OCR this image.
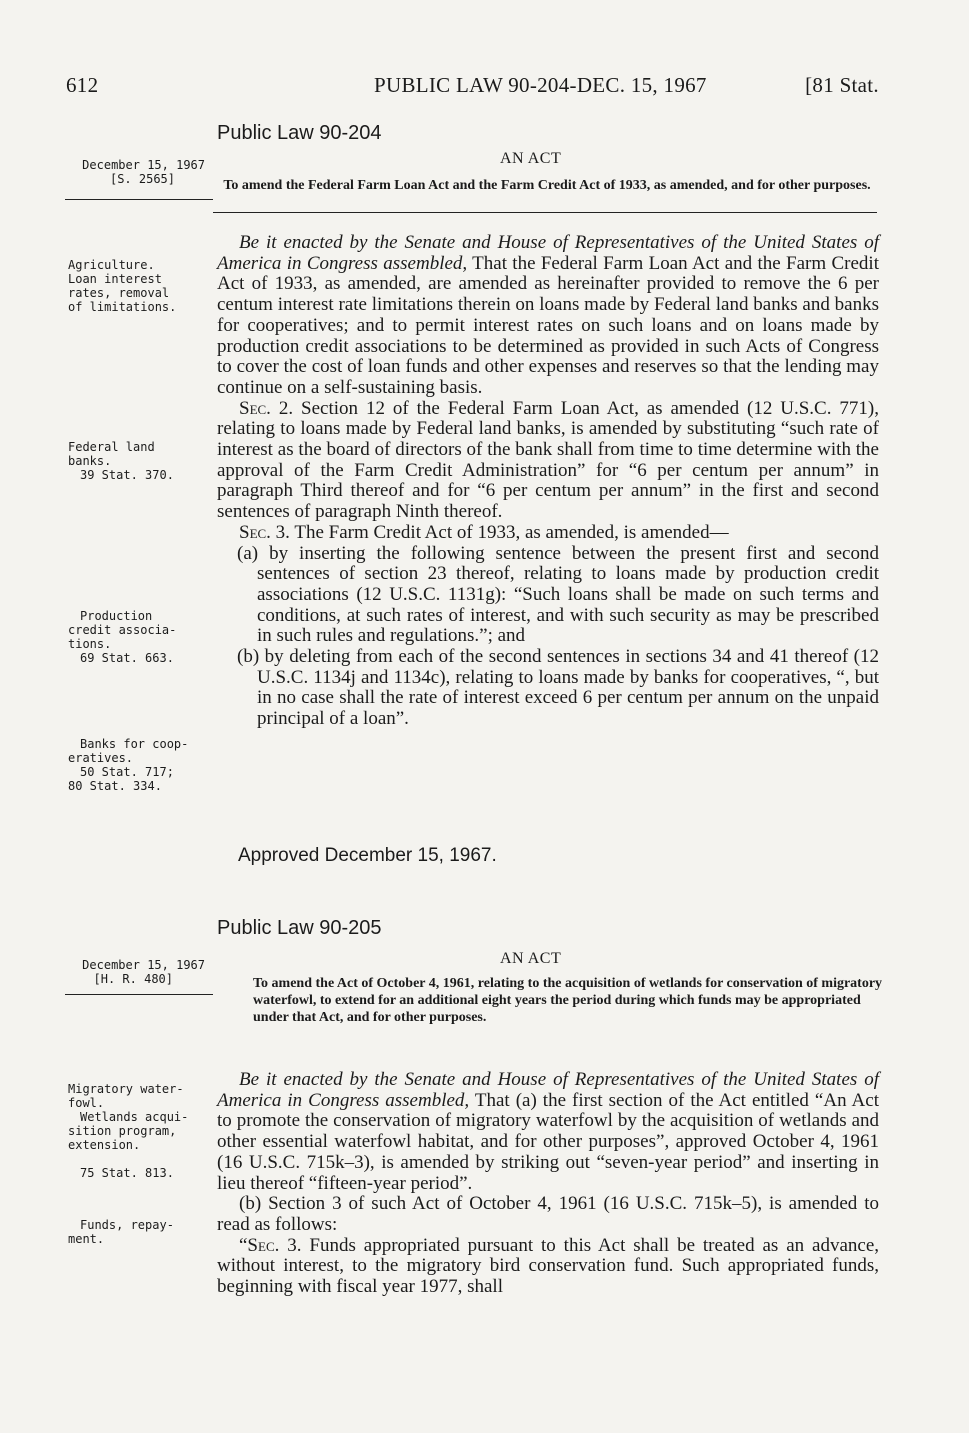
612	PUBLIC LAW 90-204-DEC. 15, 1967	[81 Stat.
Public Law 90-204
December 15, 1967
[S. 2565]
AN ACT
To amend the Federal Farm Loan Act and the Farm Credit Act of 1933, as amended, and for other purposes.
Agriculture.
Loan interest
rates, removal
of limitations.

Be it enacted by the Senate and House of Representatives of the United States of America in Congress assembled, That the Federal Farm Loan Act and the Farm Credit Act of 1933, as amended, are amended as hereinafter provided to remove the 6 per centum interest rate limitations therein on loans made by Federal land banks and banks for cooperatives; and to permit interest rates on such loans and on loans made by production credit associations to be determined as provided in such Acts of Congress to cover the cost of loan funds and other expenses and reserves so that the lending may continue on a self-sustaining basis.

Sec. 2. Section 12 of the Federal Farm Loan Act, as amended (12 U.S.C. 771), relating to loans made by Federal land banks, is amended by substituting “such rate of interest as the board of directors of the bank shall from time to time determine with the approval of the Farm Credit Administration” for “6 per centum per annum” in paragraph Third thereof and for “6 per centum per annum” in the first and second sentences of paragraph Ninth thereof.

Sec. 3. The Farm Credit Act of 1933, as amended, is amended—

(a) by inserting the following sentence between the present first and second sentences of section 23 thereof, relating to loans made by production credit associations (12 U.S.C. 1131g): “Such loans shall be made on such terms and conditions, at such rates of interest, and with such security as may be prescribed in such rules and regulations.”; and

(b) by deleting from each of the second sentences in sections 34 and 41 thereof (12 U.S.C. 1134j and 1134c), relating to loans made by banks for cooperatives, “, but in no case shall the rate of interest exceed 6 per centum per annum on the unpaid principal of a loan”.

Federal land
banks.
39 Stat. 370.
Production
credit associa-
tions.
69 Stat. 663.
Banks for coop-
eratives.
50 Stat. 717;
80 Stat. 334.
Approved December 15, 1967.
Public Law 90-205
December 15, 1967
[H. R. 480]
AN ACT
To amend the Act of October 4, 1961, relating to the acquisition of wetlands for conservation of migratory waterfowl, to extend for an additional eight years the period during which funds may be appropriated under that Act, and for other purposes.

Be it enacted by the Senate and House of Representatives of the United States of America in Congress assembled, That (a) the first section of the Act entitled “An Act to promote the conservation of migratory waterfowl by the acquisition of wetlands and other essential waterfowl habitat, and for other purposes”, approved October 4, 1961 (16 U.S.C. 715k–3), is amended by striking out “seven-year period” and inserting in lieu thereof “fifteen-year period”.

(b) Section 3 of such Act of October 4, 1961 (16 U.S.C. 715k–5), is amended to read as follows:

“Sec. 3. Funds appropriated pursuant to this Act shall be treated as an advance, without interest, to the migratory bird conservation fund. Such appropriated funds, beginning with fiscal year 1977, shall

Migratory water-
fowl.
Wetlands acqui-
sition program,
extension.
75 Stat. 813.
Funds, repay-
ment.
